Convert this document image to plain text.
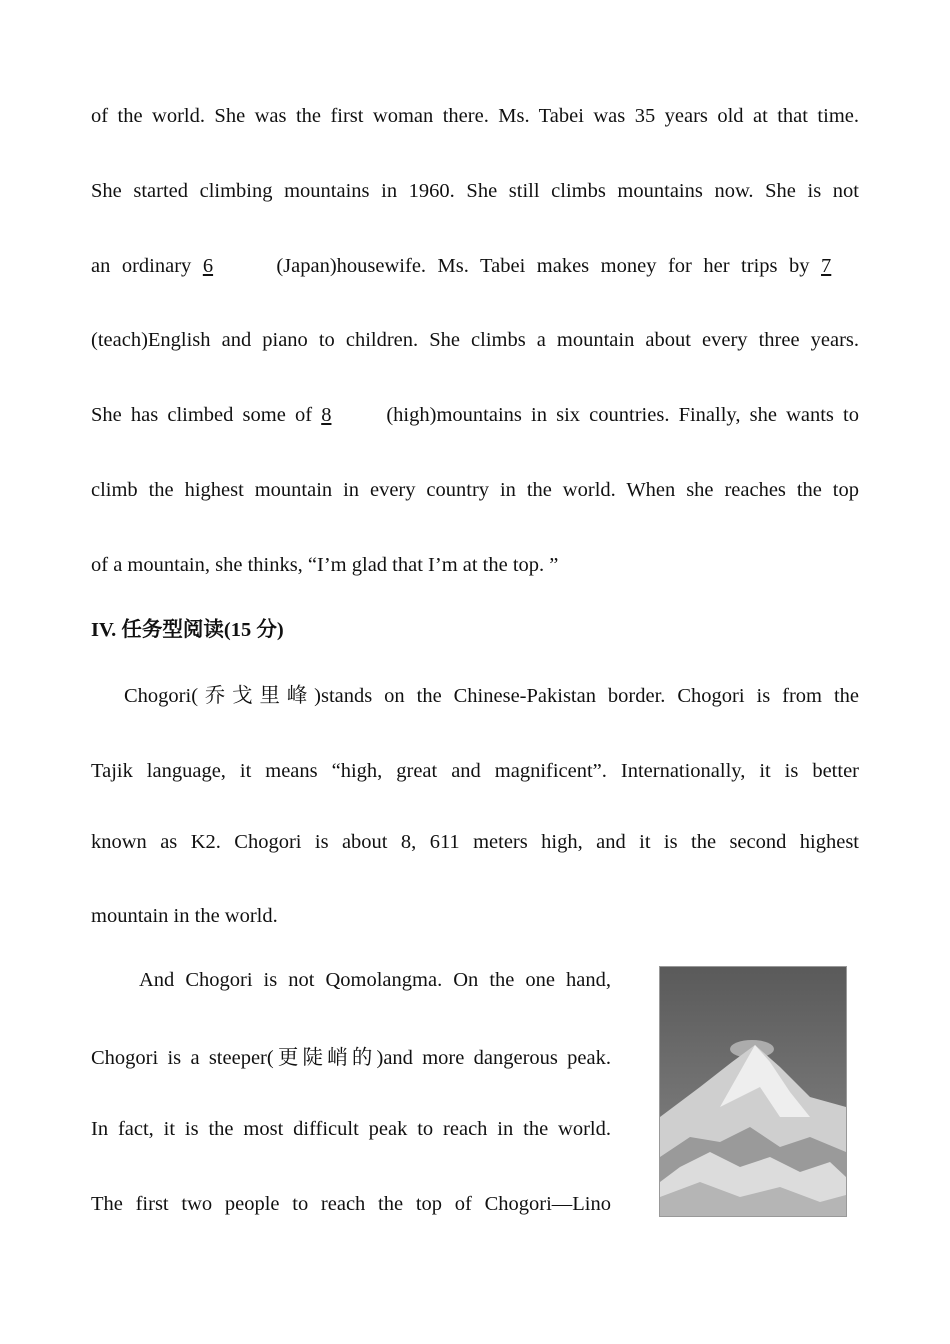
of the world. She was the first woman there. Ms. Tabei was 35 years old at that time.
She started climbing mountains in 1960. She still climbs mountains now. She is not
an ordinary 6	(Japan)housewife. Ms. Tabei makes money for her trips by 7
(teach)English and piano to children. She climbs a mountain about every three years.
She has climbed some of 8	(high)mountains in six countries. Finally, she wants to
climb the highest mountain in every country in the world. When she reaches the top
of a mountain, she thinks, “I’m glad that I’m at the top. ”
IV. 任务型阅读(15 分)
Chogori(乔戈里峰)stands on the Chinese-Pakistan border. Chogori is from the
Tajik language, it means “high, great and magnificent”. Internationally, it is better
known as K2. Chogori is about 8, 611 meters high, and it is the second highest
mountain in the world.
And Chogori is not Qomolangma. On the one hand,
Chogori is a steeper(更陡峭的)and more dangerous peak.
In fact, it is the most difficult peak to reach in the world.
The first two people to reach the top of Chogori—Lino
